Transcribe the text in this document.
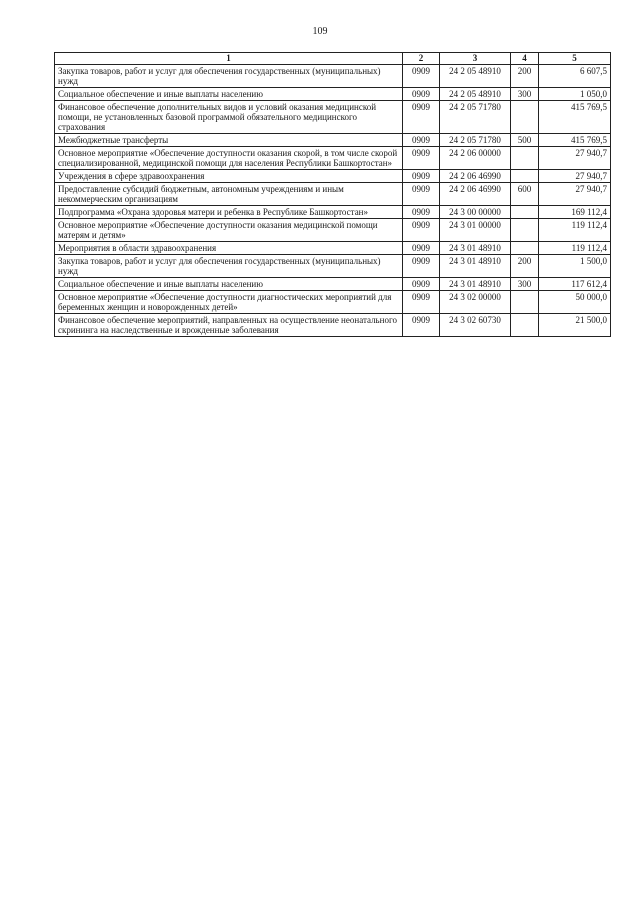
109
1	2	3	4	5
Закупка товаров, работ и услуг для обеспечения государственных (муниципальных) нужд	0909	24 2 05 48910	200	6 607,5
Социальное обеспечение и иные выплаты населению	0909	24 2 05 48910	300	1 050,0
Финансовое обеспечение дополнительных видов и условий оказания медицинской помощи, не установленных базовой программой обязательного медицинского страхования	0909	24 2 05 71780		415 769,5
Межбюджетные трансферты	0909	24 2 05 71780	500	415 769,5
Основное мероприятие «Обеспечение доступности оказания скорой, в том числе скорой специализированной, медицинской помощи для населения Республики Башкортостан»	0909	24 2 06 00000		27 940,7
Учреждения в сфере здравоохранения	0909	24 2 06 46990		27 940,7
Предоставление субсидий бюджетным, автономным учреждениям и иным некоммерческим организациям	0909	24 2 06 46990	600	27 940,7
Подпрограмма «Охрана здоровья матери и ребенка в Республике Башкортостан»	0909	24 3 00 00000		169 112,4
Основное мероприятие «Обеспечение доступности оказания медицинской помощи матерям и детям»	0909	24 3 01 00000		119 112,4
Мероприятия в области здравоохранения	0909	24 3 01 48910		119 112,4
Закупка товаров, работ и услуг для обеспечения государственных (муниципальных) нужд	0909	24 3 01 48910	200	1 500,0
Социальное обеспечение и иные выплаты населению	0909	24 3 01 48910	300	117 612,4
Основное мероприятие «Обеспечение доступности диагностических мероприятий для беременных женщин и новорожденных детей»	0909	24 3 02 00000		50 000,0
Финансовое обеспечение мероприятий, направленных на осуществление неонатального скрининга на наследственные и врожденные заболевания	0909	24 3 02 60730		21 500,0
